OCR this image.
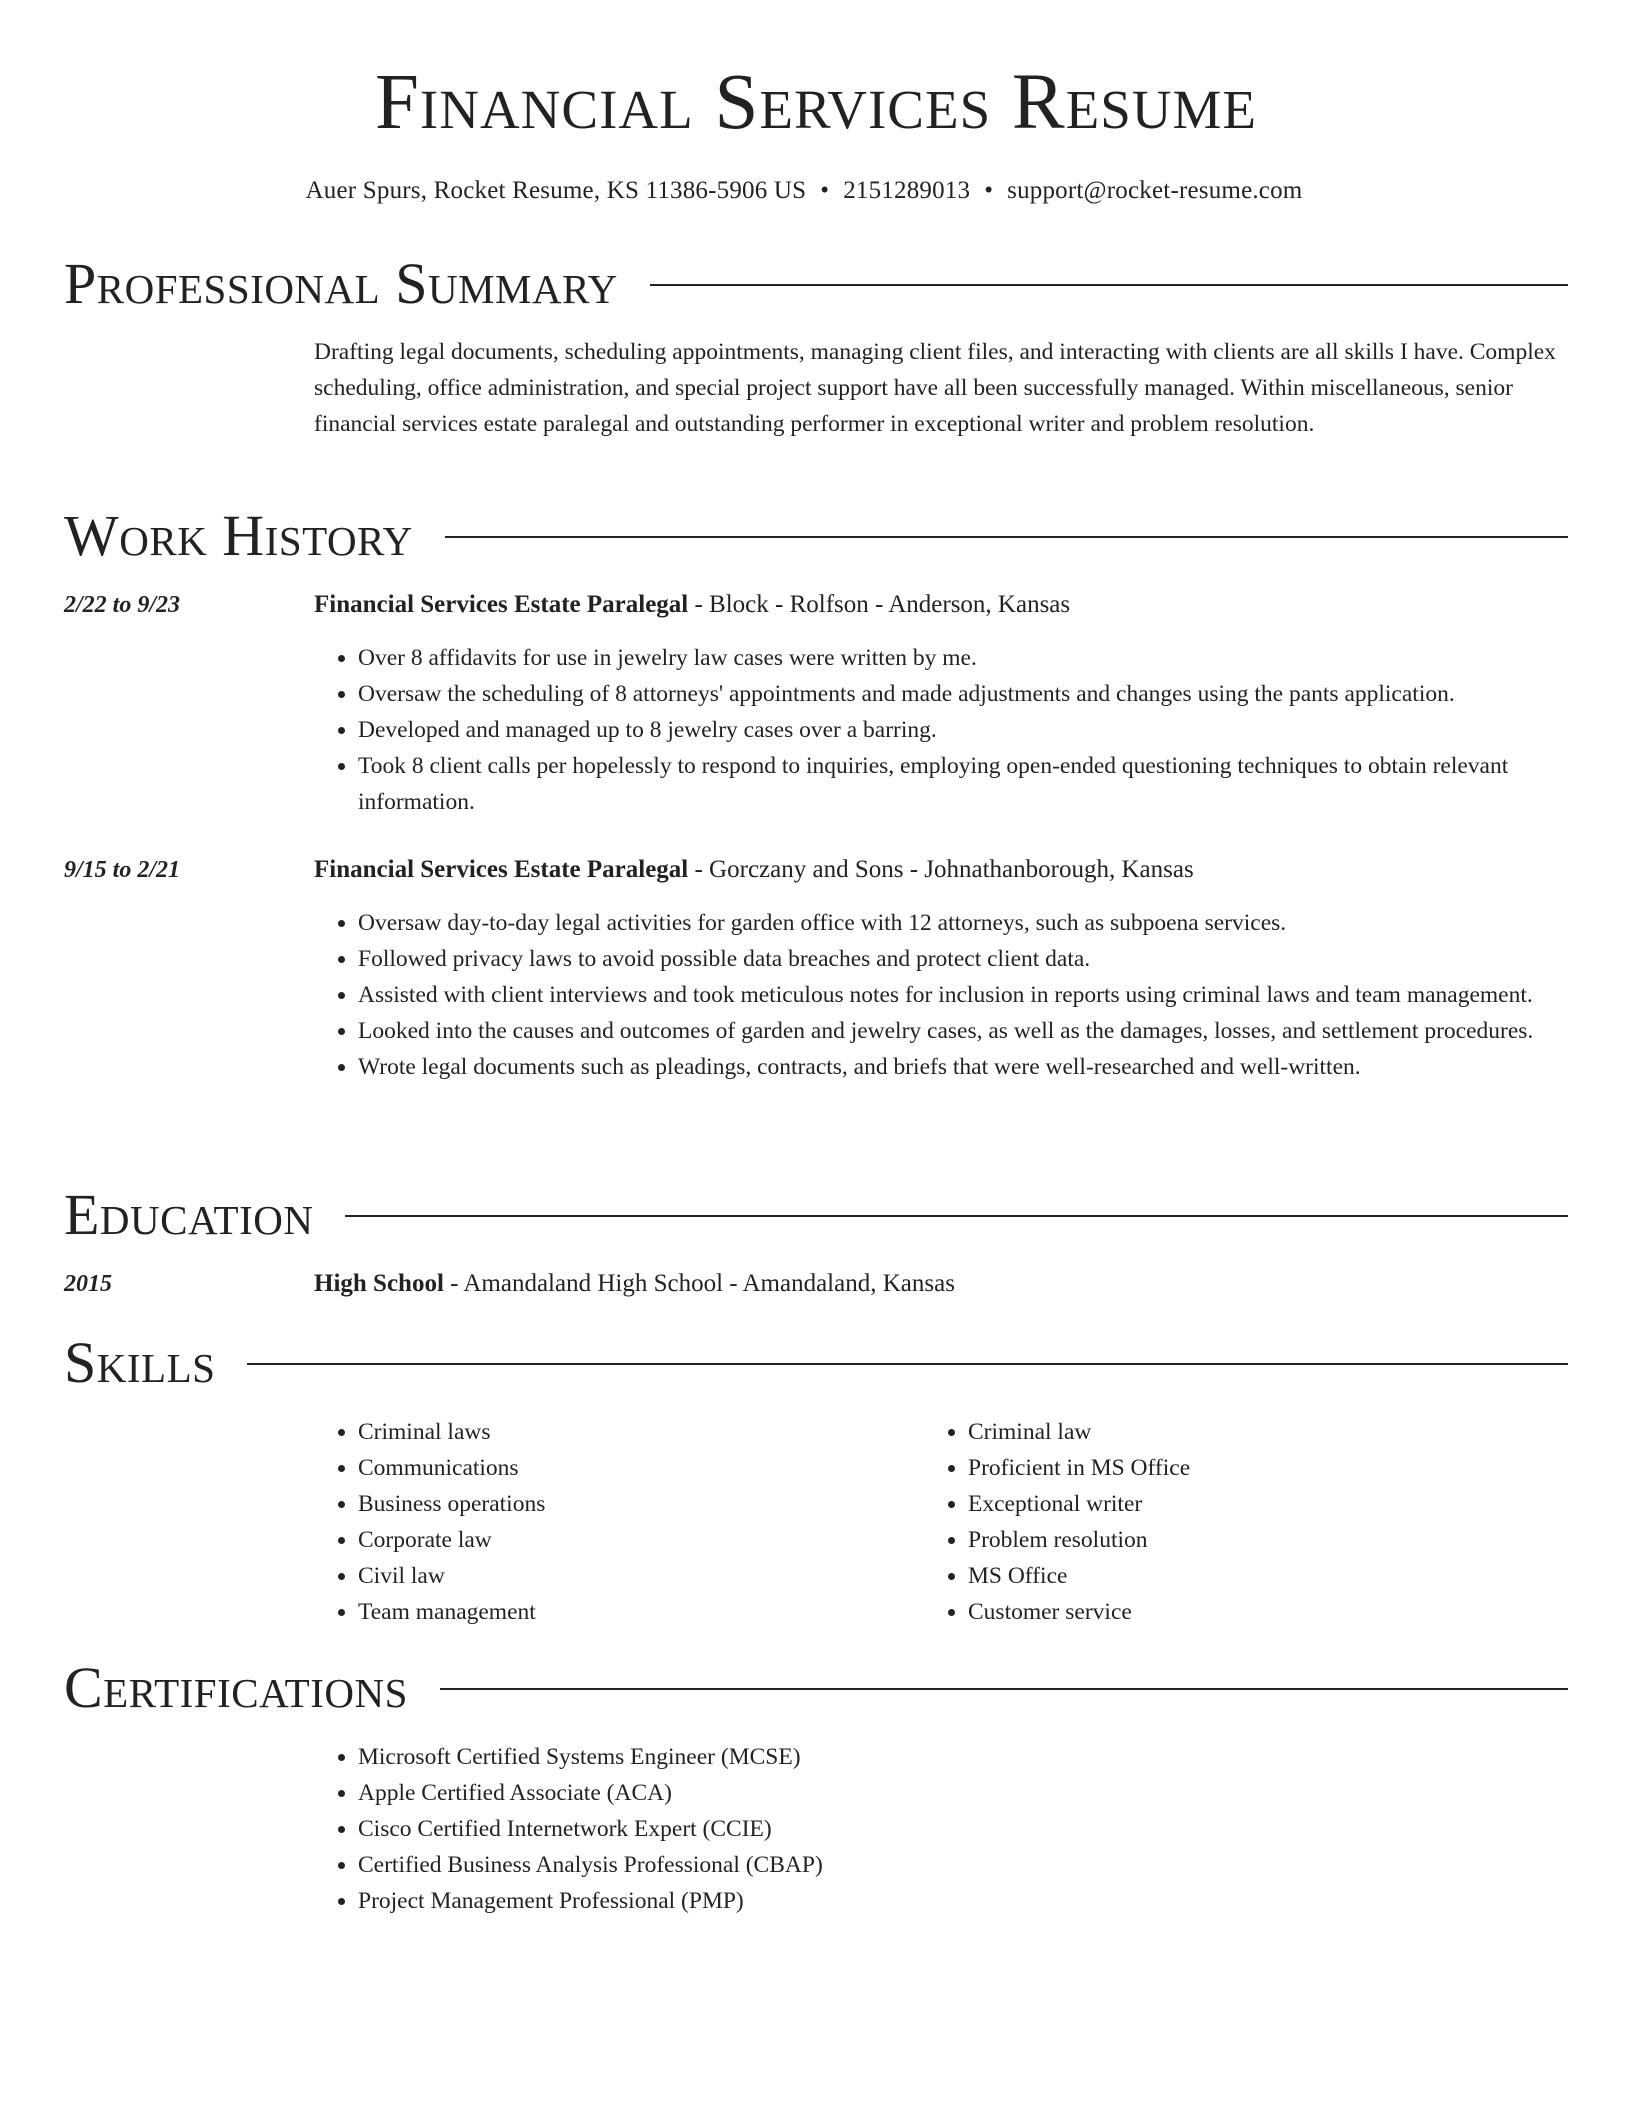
Financial Services Resume
Auer Spurs, Rocket Resume, KS 11386-5906 US • 2151289013 • support@rocket-resume.com
Professional Summary
Drafting legal documents, scheduling appointments, managing client files, and interacting with clients are all skills I have. Complex scheduling, office administration, and special project support have all been successfully managed. Within miscellaneous, senior financial services estate paralegal and outstanding performer in exceptional writer and problem resolution.
Work History
2/22 to 9/23	Financial Services Estate Paralegal - Block - Rolfson - Anderson, Kansas
• Over 8 affidavits for use in jewelry law cases were written by me.
• Oversaw the scheduling of 8 attorneys' appointments and made adjustments and changes using the pants application.
• Developed and managed up to 8 jewelry cases over a barring.
• Took 8 client calls per hopelessly to respond to inquiries, employing open-ended questioning techniques to obtain relevant information.
9/15 to 2/21	Financial Services Estate Paralegal - Gorczany and Sons - Johnathanborough, Kansas
• Oversaw day-to-day legal activities for garden office with 12 attorneys, such as subpoena services.
• Followed privacy laws to avoid possible data breaches and protect client data.
• Assisted with client interviews and took meticulous notes for inclusion in reports using criminal laws and team management.
• Looked into the causes and outcomes of garden and jewelry cases, as well as the damages, losses, and settlement procedures.
• Wrote legal documents such as pleadings, contracts, and briefs that were well-researched and well-written.
Education
2015	High School - Amandaland High School - Amandaland, Kansas
Skills
• Criminal laws
• Communications
• Business operations
• Corporate law
• Civil law
• Team management
• Criminal law
• Proficient in MS Office
• Exceptional writer
• Problem resolution
• MS Office
• Customer service
Certifications
• Microsoft Certified Systems Engineer (MCSE)
• Apple Certified Associate (ACA)
• Cisco Certified Internetwork Expert (CCIE)
• Certified Business Analysis Professional (CBAP)
• Project Management Professional (PMP)
